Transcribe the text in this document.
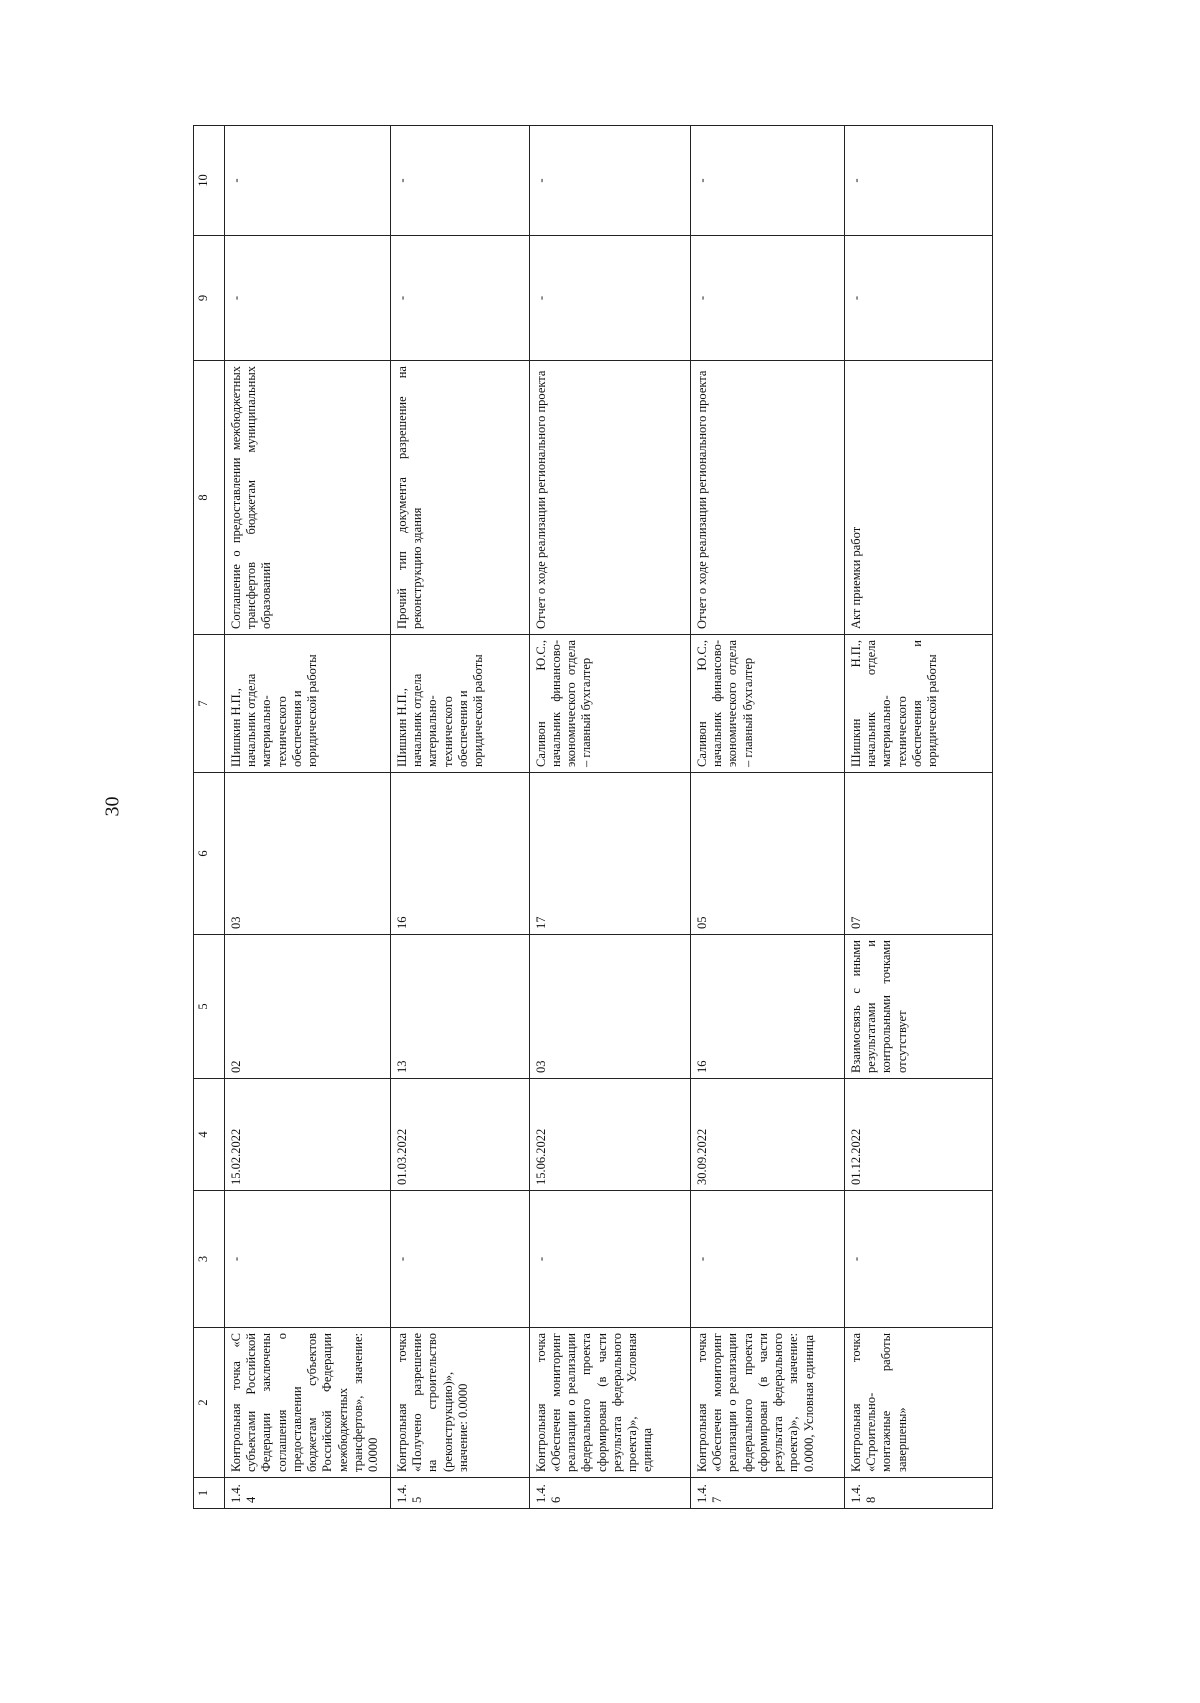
30
1	2	3	4	5	6	7	8	9	10
1.4.4	Контрольная точка «С субъектами Российской Федерации заключены соглашения о предоставлении бюджетам субъектов Российской Федерации межбюджетных трансфертов», значение: 0.0000	-	15.02.2022	02	03	Шишкин Н.П., начальник отдела материально-технического обеспечения и юридической работы	Соглашение о предоставлении межбюджетных трансфертов бюджетам муниципальных образований	-	-
1.4.5	Контрольная точка «Получено разрешение на строительство (реконструкцию)», значение: 0.0000	-	01.03.2022	13	16	Шишкин Н.П., начальник отдела материально-технического обеспечения и юридической работы	Прочий тип документа разрешение на реконструкцию здания	-	-
1.4.6	Контрольная точка «Обеспечен мониторинг реализации о реализации федерального проекта сформирован (в части результата федерального проекта)», Условная единица	-	15.06.2022	03	17	Саливон Ю.С., начальник финансово-экономического отдела – главный бухгалтер	Отчет о ходе реализации регионального проекта	-	-
1.4.7	Контрольная точка «Обеспечен мониторинг реализации о реализации федерального проекта сформирован (в части результата федерального проекта)», значение: 0.0000, Условная единица	-	30.09.2022	16	05	Саливон Ю.С., начальник финансово-экономического отдела – главный бухгалтер	Отчет о ходе реализации регионального проекта	-	-
1.4.8	Контрольная точка «Строительно-монтажные работы завершены»	-	01.12.2022	Взаимосвязь с иными результатами и контрольными точками отсутствует	07	Шишкин Н.П., начальник отдела материально-технического обеспечения и юридической работы	Акт приемки работ	-	-
